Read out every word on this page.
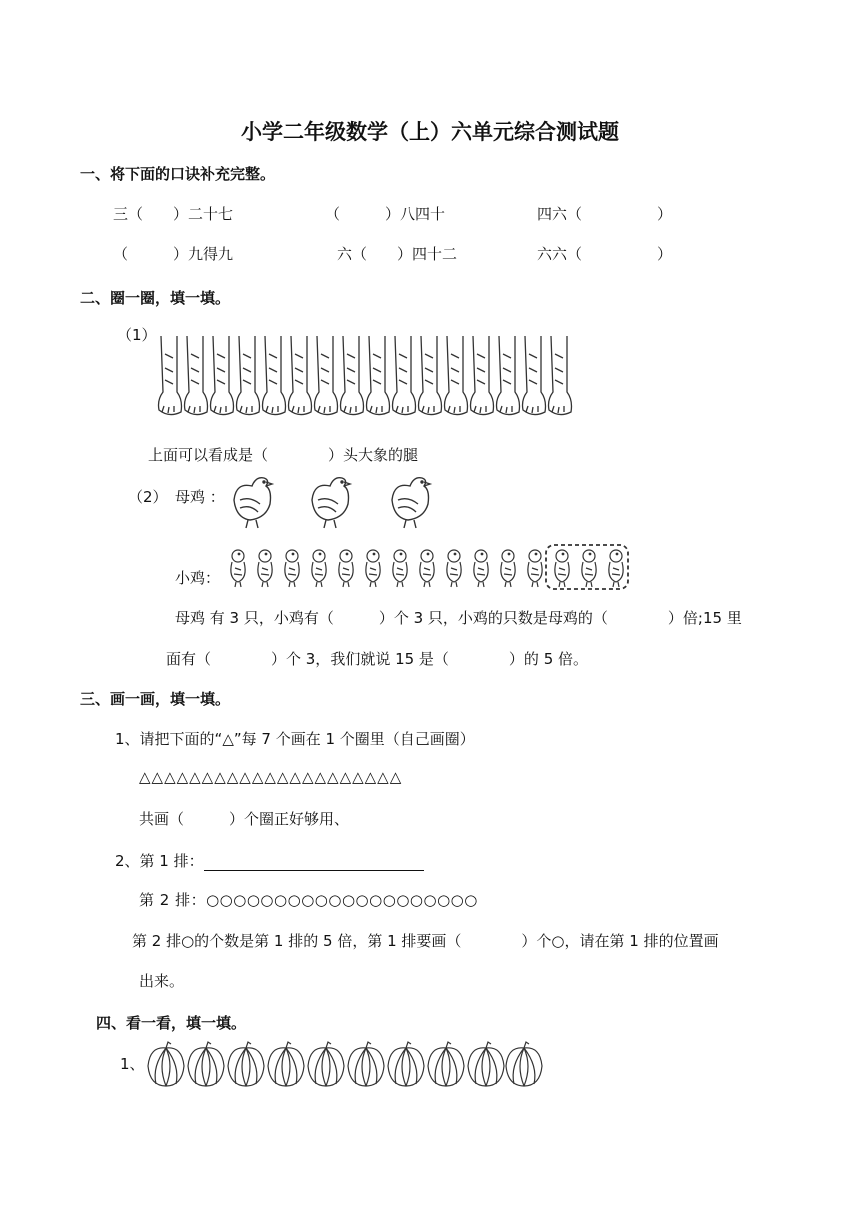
小学二年级数学（上）六单元综合测试题
一、将下面的口诀补充完整。
三（　　）二十七	（　　　）八四十	四六（　　　　　）
（　　　）九得九	六（　　）四十二	六六（　　　　　）
二、圈一圈，填一填。
（1）
上面可以看成是（　　　　）头大象的腿
（2） 母鸡 ：
小鸡：
母鸡 有 3 只，小鸡有（　　　）个 3 只，小鸡的只数是母鸡的（　　　　）倍;15 里
面有（　　　　）个 3，我们就说 15 是（　　　　）的 5 倍。
三、画一画，填一填。
1、请把下面的“△”每 7 个画在 1 个圈里（自己画圈）
△△△△△△△△△△△△△△△△△△△△△
共画（　　　）个圈正好够用、
2、第 1 排：
第 2 排：○○○○○○○○○○○○○○○○○○○○
第 2 排○的个数是第 1 排的 5 倍，第 1 排要画（　　　　）个○，请在第 1 排的位置画
出来。
四、看一看，填一填。
1、
